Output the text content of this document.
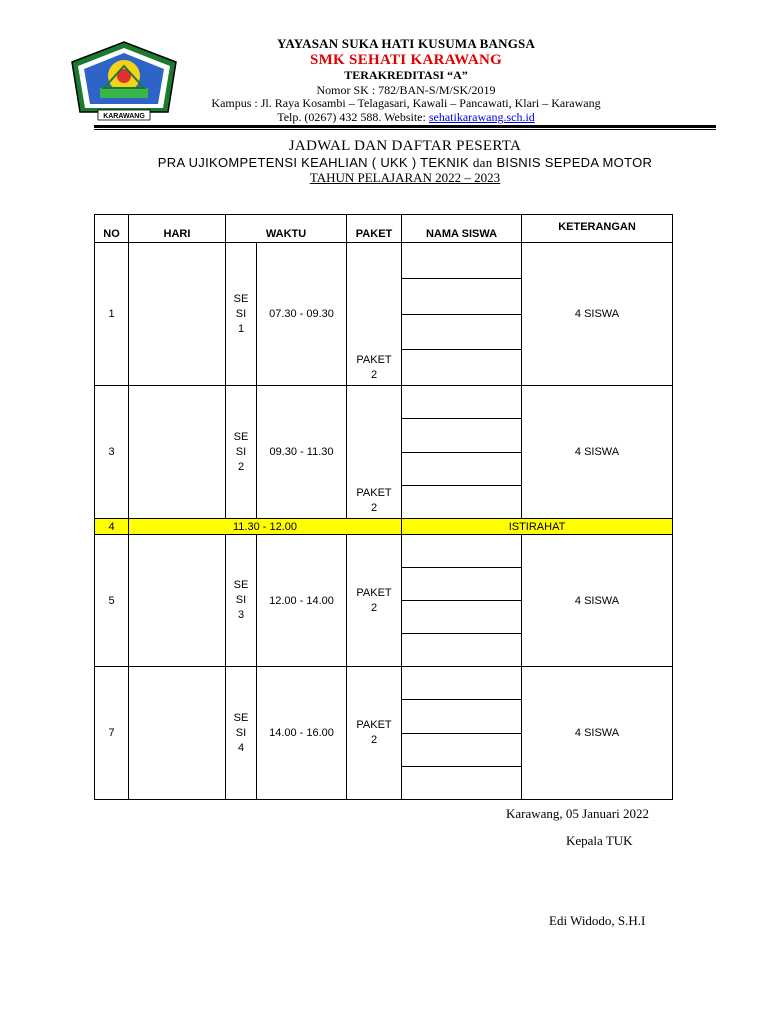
KARAWANG
YAYASAN SUKA HATI KUSUMA BANGSA
SMK SEHATI KARAWANG
TERAKREDITASI “A”
Nomor SK : 782/BAN-S/M/SK/2019
Kampus : Jl. Raya Kosambi – Telagasari, Kawali – Pancawati, Klari – Karawang
Telp. (0267) 432 588. Website: sehatikarawang.sch.id
JADWAL DAN DAFTAR PESERTA
PRA UJIKOMPETENSI KEAHLIAN ( UKK ) TEKNIK dan BISNIS SEPEDA MOTOR
TAHUN PELAJARAN 2022 – 2023
NO	HARI	WAKTU		PAKET	NAMA SISWA	KETERANGAN
1		SE
SI
1	07.30 - 09.30	PAKET
2		4 SISWA
3		SE
SI
2	09.30 - 11.30	PAKET
2		4 SISWA
4	11.30 - 12.00				ISTIRAHAT	
5		SE
SI
3	12.00 - 14.00	PAKET
2		4 SISWA
7		SE
SI
4	14.00 - 16.00	PAKET
2		4 SISWA
Karawang, 05 Januari 2022
Kepala TUK
Edi Widodo, S.H.I
